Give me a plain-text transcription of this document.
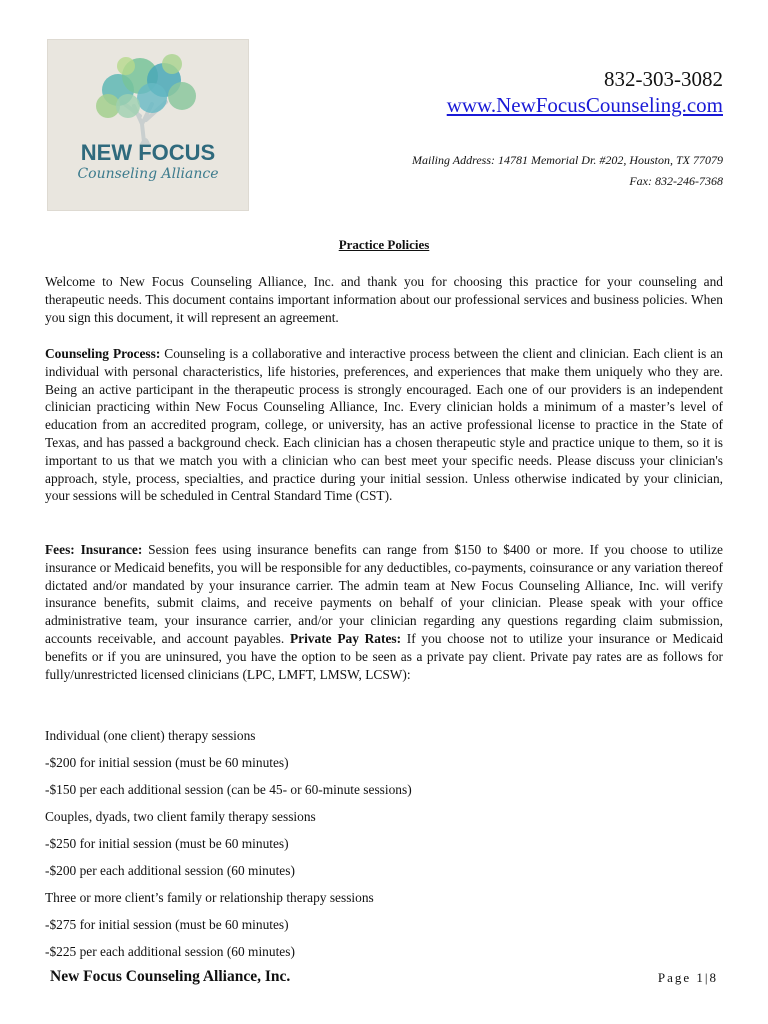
NEW FOCUS
Counseling Alliance
832-303-3082
www.NewFocusCounseling.com
Mailing Address: 14781 Memorial Dr. #202, Houston, TX 77079
Fax: 832-246-7368
Practice Policies
Welcome to New Focus Counseling Alliance, Inc. and thank you for choosing this practice for your counseling and therapeutic needs. This document contains important information about our professional services and business policies. When you sign this document, it will represent an agreement.
Counseling Process: Counseling is a collaborative and interactive process between the client and clinician. Each client is an individual with personal characteristics, life histories, preferences, and experiences that make them uniquely who they are. Being an active participant in the therapeutic process is strongly encouraged. Each one of our providers is an independent clinician practicing within New Focus Counseling Alliance, Inc. Every clinician holds a minimum of a master’s level of education from an accredited program, college, or university, has an active professional license to practice in the State of Texas, and has passed a background check. Each clinician has a chosen therapeutic style and practice unique to them, so it is important to us that we match you with a clinician who can best meet your specific needs. Please discuss your clinician's approach, style, process, specialties, and practice during your initial session. Unless otherwise indicated by your clinician, your sessions will be scheduled in Central Standard Time (CST).
Fees: Insurance: Session fees using insurance benefits can range from $150 to $400 or more. If you choose to utilize insurance or Medicaid benefits, you will be responsible for any deductibles, co-payments, coinsurance or any variation thereof dictated and/or mandated by your insurance carrier. The admin team at New Focus Counseling Alliance, Inc. will verify insurance benefits, submit claims, and receive payments on behalf of your clinician. Please speak with your office administrative team, your insurance carrier, and/or your clinician regarding any questions regarding claim submission, accounts receivable, and account payables. Private Pay Rates: If you choose not to utilize your insurance or Medicaid benefits or if you are uninsured, you have the option to be seen as a private pay client. Private pay rates are as follows for fully/unrestricted licensed clinicians (LPC, LMFT, LMSW, LCSW):
Individual (one client) therapy sessions
-$200 for initial session (must be 60 minutes)
-$150 per each additional session (can be 45- or 60-minute sessions)
Couples, dyads, two client family therapy sessions
-$250 for initial session (must be 60 minutes)
-$200 per each additional session (60 minutes)
Three or more client’s family or relationship therapy sessions
-$275 for initial session (must be 60 minutes)
-$225 per each additional session (60 minutes)
New Focus Counseling Alliance, Inc.	Page 1|8
